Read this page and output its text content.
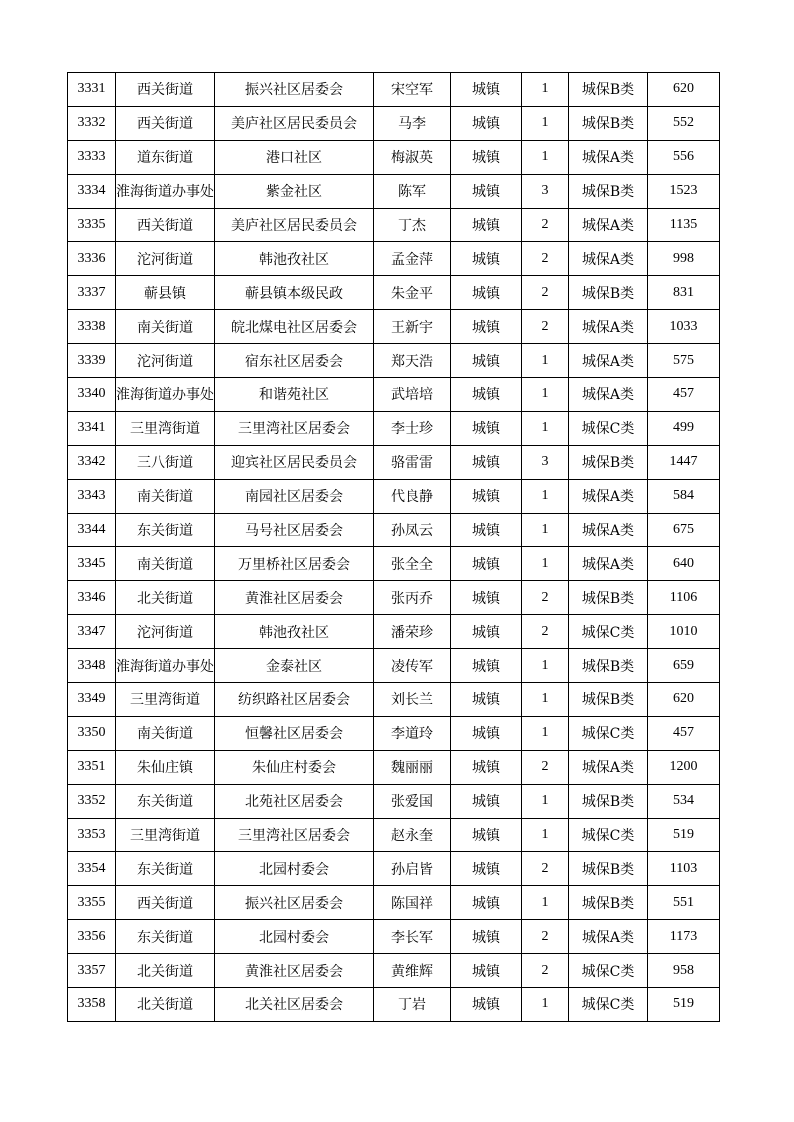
3331	西关街道	振兴社区居委会	宋空军	城镇	1	城保B类	620
3332	西关街道	美庐社区居民委员会	马李	城镇	1	城保B类	552
3333	道东街道	港口社区	梅淑英	城镇	1	城保A类	556
3334	淮海街道办事处	紫金社区	陈军	城镇	3	城保B类	1523
3335	西关街道	美庐社区居民委员会	丁杰	城镇	2	城保A类	1135
3336	沱河街道	韩池孜社区	孟金萍	城镇	2	城保A类	998
3337	蕲县镇	蕲县镇本级民政	朱金平	城镇	2	城保B类	831
3338	南关街道	皖北煤电社区居委会	王新宇	城镇	2	城保A类	1033
3339	沱河街道	宿东社区居委会	郑天浩	城镇	1	城保A类	575
3340	淮海街道办事处	和谐苑社区	武培培	城镇	1	城保A类	457
3341	三里湾街道	三里湾社区居委会	李士珍	城镇	1	城保C类	499
3342	三八街道	迎宾社区居民委员会	骆雷雷	城镇	3	城保B类	1447
3343	南关街道	南园社区居委会	代良静	城镇	1	城保A类	584
3344	东关街道	马号社区居委会	孙凤云	城镇	1	城保A类	675
3345	南关街道	万里桥社区居委会	张全全	城镇	1	城保A类	640
3346	北关街道	黄淮社区居委会	张丙乔	城镇	2	城保B类	1106
3347	沱河街道	韩池孜社区	潘荣珍	城镇	2	城保C类	1010
3348	淮海街道办事处	金泰社区	凌传军	城镇	1	城保B类	659
3349	三里湾街道	纺织路社区居委会	刘长兰	城镇	1	城保B类	620
3350	南关街道	恒馨社区居委会	李道玲	城镇	1	城保C类	457
3351	朱仙庄镇	朱仙庄村委会	魏丽丽	城镇	2	城保A类	1200
3352	东关街道	北苑社区居委会	张爱国	城镇	1	城保B类	534
3353	三里湾街道	三里湾社区居委会	赵永奎	城镇	1	城保C类	519
3354	东关街道	北园村委会	孙启皆	城镇	2	城保B类	1103
3355	西关街道	振兴社区居委会	陈国祥	城镇	1	城保B类	551
3356	东关街道	北园村委会	李长军	城镇	2	城保A类	1173
3357	北关街道	黄淮社区居委会	黄维辉	城镇	2	城保C类	958
3358	北关街道	北关社区居委会	丁岩	城镇	1	城保C类	519
